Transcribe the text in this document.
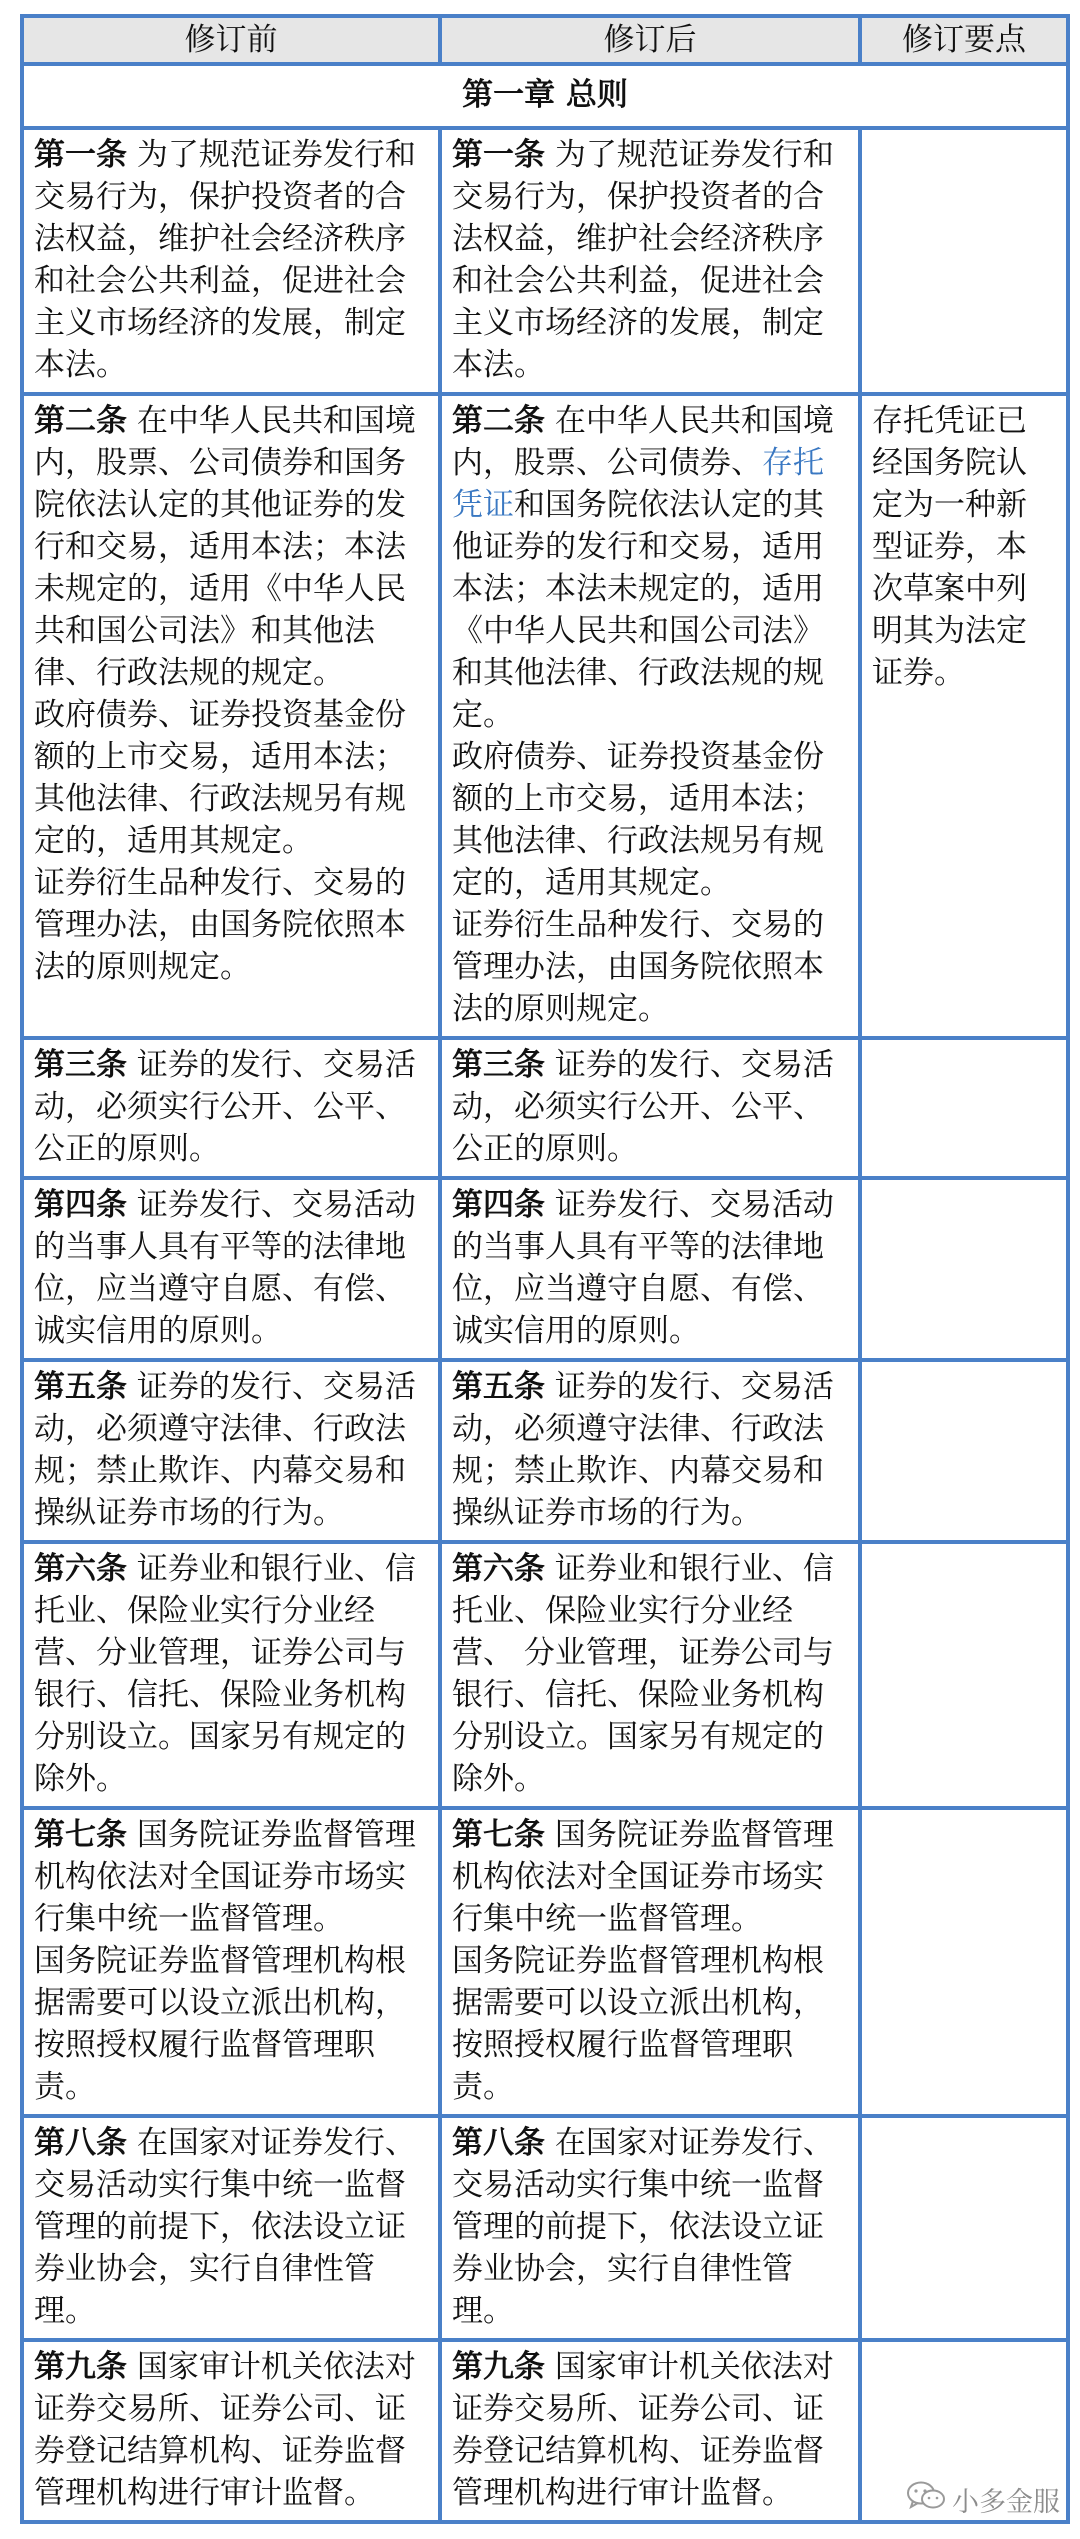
修订前	修订后	修订要点
第一章 总则		

第一条 为了规范证券发行和交易行为，保护投资者的合法权益，维护社会经济秩序和社会公共利益，促进社会主义市场经济的发展，制定本法。	第一条 为了规范证券发行和交易行为，保护投资者的合法权益，维护社会经济秩序和社会公共利益，促进社会主义市场经济的发展，制定本法。	

第二条 在中华人民共和国境内，股票、公司债券和国务院依法认定的其他证券的发行和交易，适用本法；本法未规定的，适用《中华人民共和国公司法》和其他法律、行政法规的规定。
政府债券、证券投资基金份额的上市交易，适用本法；其他法律、行政法规另有规定的，适用其规定。
证券衍生品种发行、交易的管理办法，由国务院依照本法的原则规定。	第二条 在中华人民共和国境内，股票、公司债券、存托凭证和国务院依法认定的其他证券的发行和交易，适用本法；本法未规定的，适用《中华人民共和国公司法》和其他法律、行政法规的规定。
政府债券、证券投资基金份额的上市交易，适用本法；其他法律、行政法规另有规定的，适用其规定。
证券衍生品种发行、交易的管理办法，由国务院依照本法的原则规定。	存托凭证已经国务院认定为一种新型证券，本次草案中列明其为法定证券。

第三条 证券的发行、交易活动，必须实行公开、公平、公正的原则。	第三条 证券的发行、交易活动，必须实行公开、公平、公正的原则。	

第四条 证券发行、交易活动的当事人具有平等的法律地位，应当遵守自愿、有偿、诚实信用的原则。	第四条 证券发行、交易活动的当事人具有平等的法律地位，应当遵守自愿、有偿、诚实信用的原则。	

第五条 证券的发行、交易活动，必须遵守法律、行政法规；禁止欺诈、内幕交易和操纵证券市场的行为。	第五条 证券的发行、交易活动，必须遵守法律、行政法规；禁止欺诈、内幕交易和操纵证券市场的行为。	

第六条 证券业和银行业、信托业、保险业实行分业经营、分业管理，证券公司与银行、信托、保险业务机构分别设立。国家另有规定的除外。	第六条 证券业和银行业、信托业、保险业实行分业经营、 分业管理，证券公司与银行、信托、保险业务机构分别设立。国家另有规定的除外。	

第七条 国务院证券监督管理机构依法对全国证券市场实行集中统一监督管理。
国务院证券监督管理机构根据需要可以设立派出机构，按照授权履行监督管理职责。	第七条 国务院证券监督管理机构依法对全国证券市场实行集中统一监督管理。
国务院证券监督管理机构根据需要可以设立派出机构，按照授权履行监督管理职责。	

第八条 在国家对证券发行、交易活动实行集中统一监督管理的前提下，依法设立证券业协会，实行自律性管理。	第八条 在国家对证券发行、交易活动实行集中统一监督管理的前提下，依法设立证券业协会，实行自律性管理。	

第九条 国家审计机关依法对证券交易所、证券公司、证券登记结算机构、证券监督管理机构进行审计监督。	第九条 国家审计机关依法对证券交易所、证券公司、证券登记结算机构、证券监督管理机构进行审计监督。	
		小多金服
